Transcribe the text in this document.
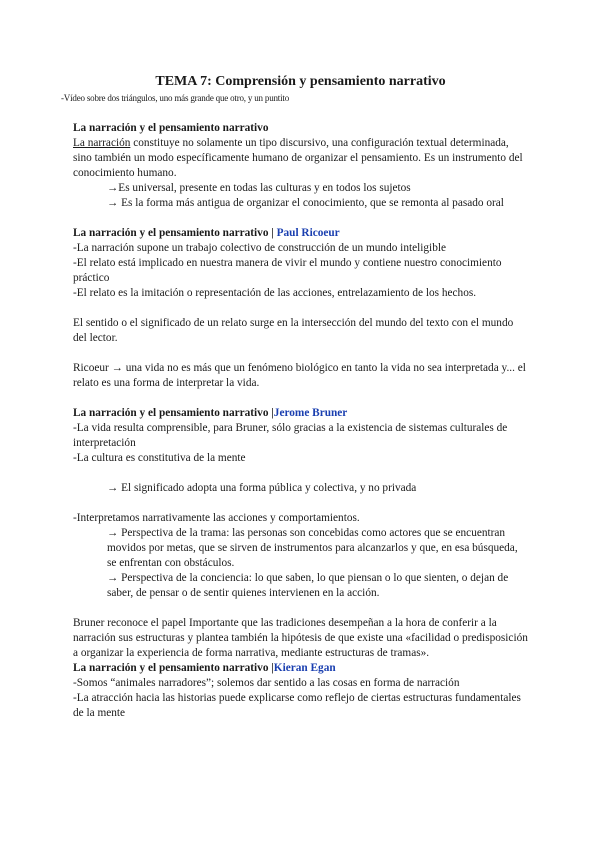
TEMA 7: Comprensión y pensamiento narrativo

-Vídeo sobre dos triángulos, uno más grande que otro, y un puntito

La narración y el pensamiento narrativo

La narración constituye no solamente un tipo discursivo, una configuración textual determinada, sino también un modo específicamente humano de organizar el pensamiento. Es un instrumento del conocimiento humano.

→Es universal, presente en todas las culturas y en todos los sujetos

→ Es la forma más antigua de organizar el conocimiento, que se remonta al pasado oral

La narración y el pensamiento narrativo | Paul Ricoeur

-La narración supone un trabajo colectivo de construcción de un mundo inteligible

-El relato está implicado en nuestra manera de vivir el mundo y contiene nuestro conocimiento práctico

-El relato es la imitación o representación de las acciones, entrelazamiento de los hechos.

El sentido o el significado de un relato surge en la intersección del mundo del texto con el mundo del lector.

Ricoeur → una vida no es más que un fenómeno biológico en tanto la vida no sea interpretada y... el relato es una forma de interpretar la vida.

La narración y el pensamiento narrativo |Jerome Bruner

-La vida resulta comprensible, para Bruner, sólo gracias a la existencia de sistemas culturales de interpretación

-La cultura es constitutiva de la mente

→ El significado adopta una forma pública y colectiva, y no privada

-Interpretamos narrativamente las acciones y comportamientos.

→ Perspectiva de la trama: las personas son concebidas como actores que se encuentran movidos por metas, que se sirven de instrumentos para alcanzarlos y que, en esa búsqueda, se enfrentan con obstáculos.

→ Perspectiva de la conciencia: lo que saben, lo que piensan o lo que sienten, o dejan de saber, de pensar o de sentir quienes intervienen en la acción.

Bruner reconoce el papel Importante que las tradiciones desempeñan a la hora de conferir a la narración sus estructuras y plantea también la hipótesis de que existe una «facilidad o predisposición a organizar la experiencia de forma narrativa, mediante estructuras de tramas».

La narración y el pensamiento narrativo |Kieran Egan

-Somos “animales narradores”; solemos dar sentido a las cosas en forma de narración

-La atracción hacia las historias puede explicarse como reflejo de ciertas estructuras fundamentales de la mente
